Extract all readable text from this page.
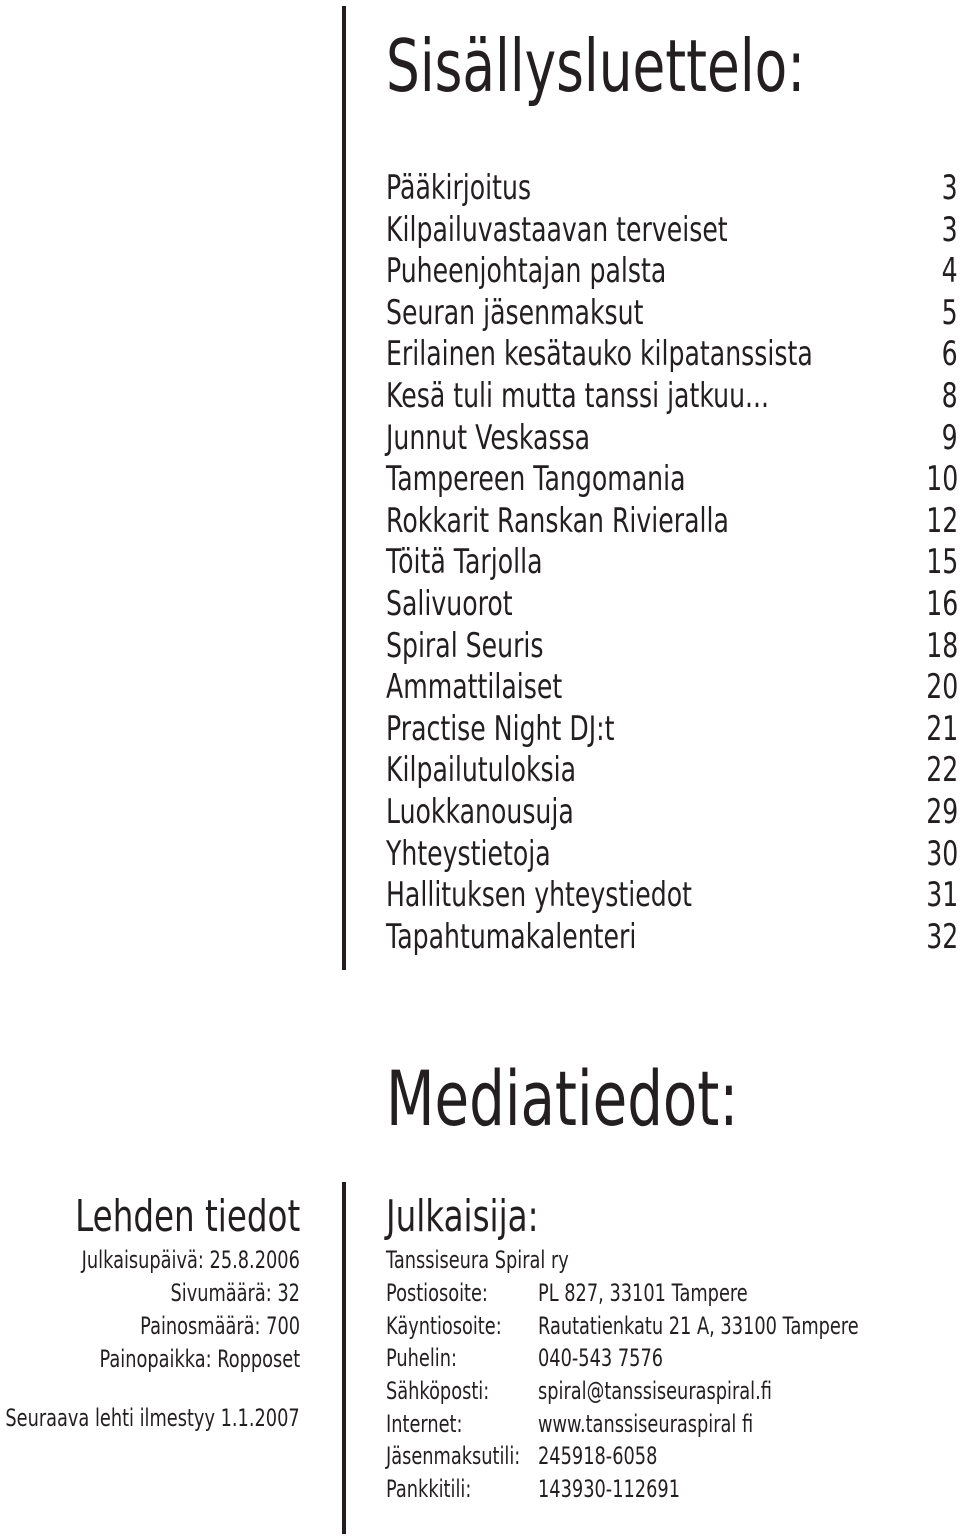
Sisällysluettelo:
Pääkirjoitus	3
Kilpailuvastaavan terveiset	3
Puheenjohtajan palsta	4
Seuran jäsenmaksut	5
Erilainen kesätauko kilpatanssista	6
Kesä tuli mutta tanssi jatkuu...	8
Junnut Veskassa	9
Tampereen Tangomania	10
Rokkarit Ranskan Rivieralla	12
Töitä Tarjolla	15
Salivuorot	16
Spiral Seuris	18
Ammattilaiset	20
Practise Night DJ:t	21
Kilpailutuloksia	22
Luokkanousuja	29
Yhteystietoja	30
Hallituksen yhteystiedot	31
Tapahtumakalenteri	32
Mediatiedot:
Lehden tiedot
Julkaisupäivä: 25.8.2006
Sivumäärä: 32
Painosmäärä: 700
Painopaikka: Ropposet
Seuraava lehti ilmestyy 1.1.2007
Julkaisija:
Tanssiseura Spiral ry
Postiosoite:	PL 827, 33101 Tampere
Käyntiosoite:	Rautatienkatu 21 A, 33100 Tampere
Puhelin:	040-543 7576
Sähköposti:	spiral@tanssiseuraspiral.fi
Internet:	www.tanssiseuraspiral fi
Jäsenmaksutili: 245918-6058
Pankkitili:	143930-112691
